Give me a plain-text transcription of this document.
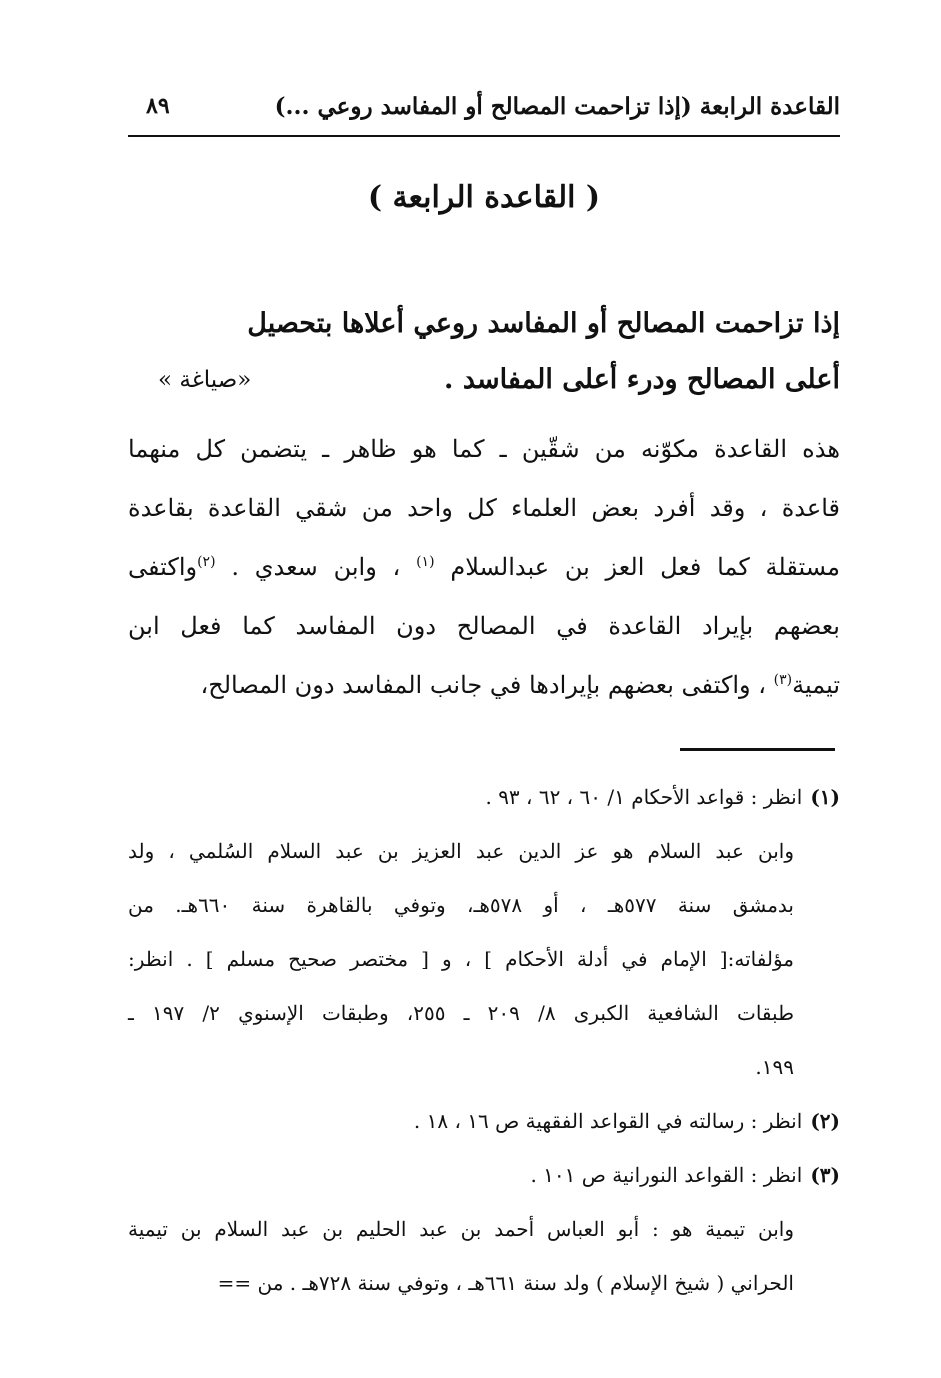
٨٩	القاعدة الرابعة (إذا تزاحمت المصالح أو المفاسد روعي ...)
( القاعدة الرابعة )
إذا تزاحمت المصالح أو المفاسد روعي أعلاها بتحصيل
أعلى المصالح ودرء أعلى المفاسد .
«صياغة »
هذه القاعدة مكوّنه من شقّين ـ كما هو ظاهر ـ يتضمن كل منهما
قاعدة ، وقد أفرد بعض العلماء كل واحد من شقي القاعدة بقاعدة
مستقلة كما فعل العز بن عبدالسلام $^{(١)}$ ، وابن سعدي . $^{(٢)}$واكتفى
بعضهم بإيراد القاعدة في المصالح دون المفاسد كما فعل ابن
تيمية$^{(٣)}$ ، واكتفى بعضهم بإيرادها في جانب المفاسد دون المصالح،
(١)انظر : قواعد الأحكام ١/ ٦٠ ، ٦٢ ، ٩٣ .
وابن عبد السلام هو عز الدين عبد العزيز بن عبد السلام السُلمي ، ولد
بدمشق سنة ٥٧٧هـ ، أو ٥٧٨هـ، وتوفي بالقاهرة سنة ٦٦٠هـ. من
مؤلفاته:[ الإمام في أدلة الأحكام ] ، و [ مختصر صحيح مسلم ] . انظر:
طبقات الشافعية الكبرى ٨/ ٢٠٩ ـ ٢٥٥، وطبقات الإسنوي ٢/ ١٩٧ ـ
١٩٩.
(٢)انظر : رسالته في القواعد الفقهية ص ١٦ ، ١٨ .
(٣)انظر : القواعد النورانية ص ١٠١ .
وابن تيمية هو : أبو العباس أحمد بن عبد الحليم بن عبد السلام بن تيمية
الحراني ( شيخ الإسلام ) ولد سنة ٦٦١هـ ، وتوفي سنة ٧٢٨هـ . من ==
